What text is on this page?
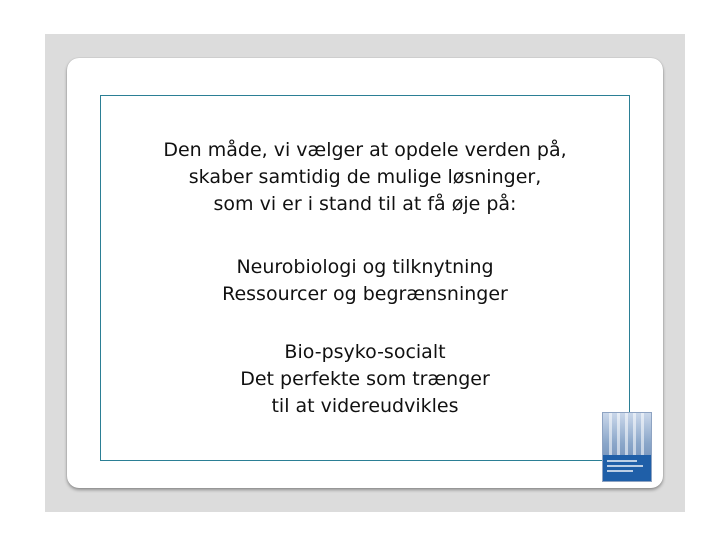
Den måde, vi vælger at opdele verden på,
skaber samtidig de mulige løsninger,
som vi er i stand til at få øje på:
Neurobiologi og tilknytning
Ressourcer og begrænsninger
Bio-psyko-socialt
Det perfekte som trænger
til at videreudvikles
